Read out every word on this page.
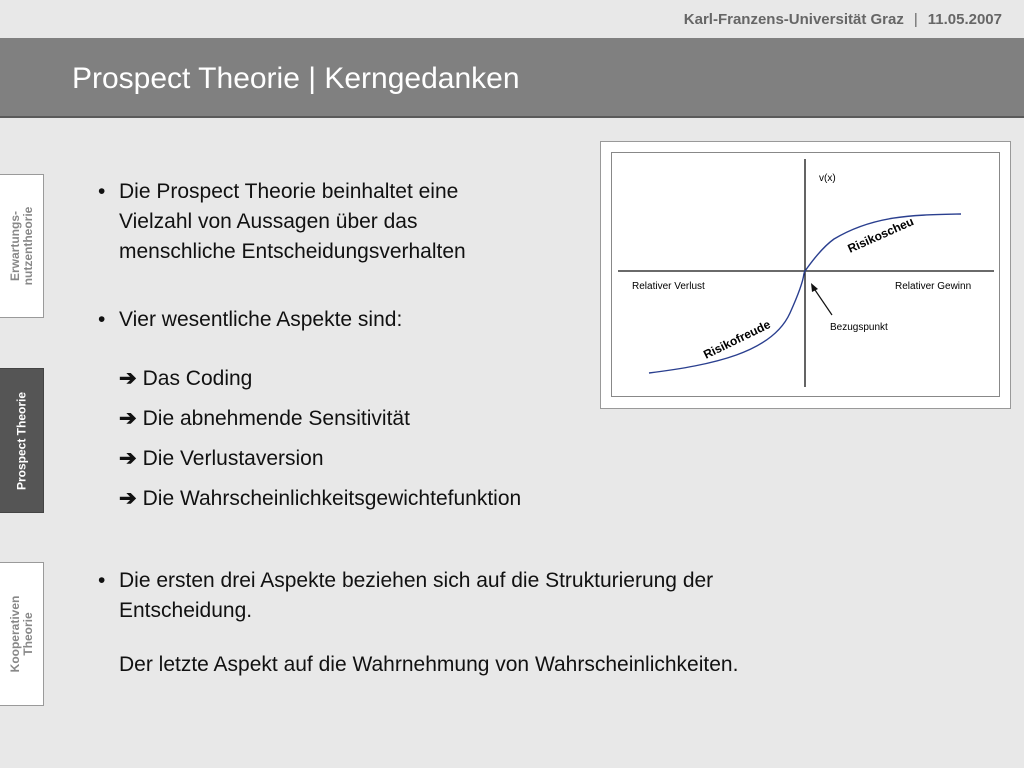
Karl-Franzens-Universität Graz | 11.05.2007
Prospect Theorie | Kerngedanken
Erwartungs- nutzentheorie
Prospect Theorie
Kooperativen Theorie
• Die Prospect Theorie beinhaltet eine
Vielzahl von Aussagen über das
menschliche Entscheidungsverhalten
• Vier wesentliche Aspekte sind:
➔ Das Coding
➔ Die abnehmende Sensitivität
➔ Die Verlustaversion
➔ Die Wahrscheinlichkeitsgewichtefunktion
• Die ersten drei Aspekte beziehen sich auf die Strukturierung der
Entscheidung.
Der letzte Aspekt auf die Wahrnehmung von Wahrscheinlichkeiten.
v(x)
Relativer Verlust	Relativer Gewinn
Bezugspunkt
Risikoscheu
Risikofreude
